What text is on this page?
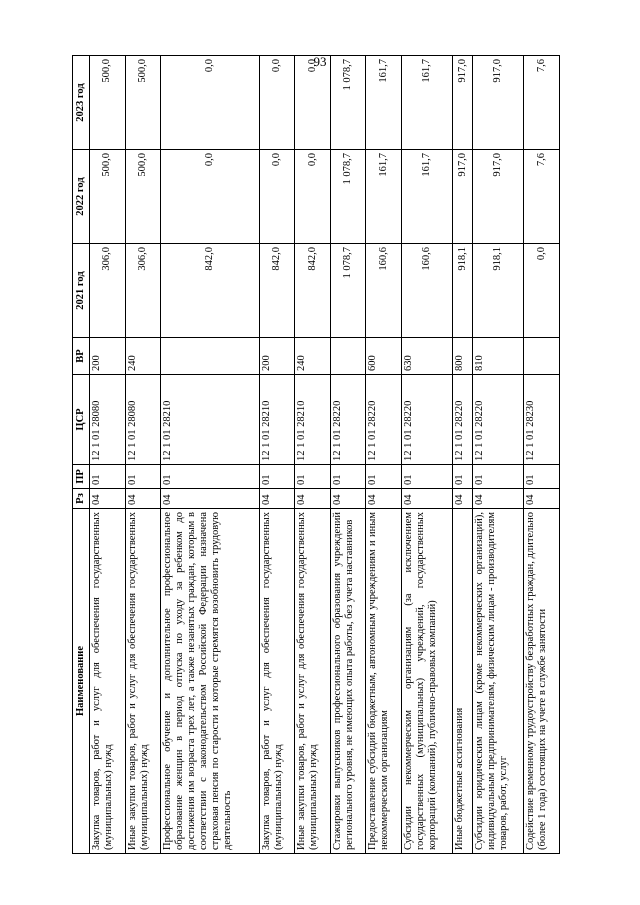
93
Наименование	Рз	ПР	ЦСР	ВР	2021 год	2022 год	2023 год
Закупка товаров, работ и услуг для обеспечения государственных (муниципальных) нужд	04	01	12 1 01 28080	200	306,0	500,0	500,0
Иные закупки товаров, работ и услуг для обеспечения государственных (муниципальных) нужд	04	01	12 1 01 28080	240	306,0	500,0	500,0
Профессиональное обучение и дополнительное профессиональное образование женщин в период отпуска по уходу за ребенком до достижения им возраста трех лет, а также незанятых граждан, которым в соответствии с законодательством Российской Федерации назначена страховая пенсия по старости и которые стремятся возобновить трудовую деятельность	04	01	12 1 01 28210		842,0	0,0	0,0
Закупка товаров, работ и услуг для обеспечения государственных (муниципальных) нужд	04	01	12 1 01 28210	200	842,0	0,0	0,0
Иные закупки товаров, работ и услуг для обеспечения государственных (муниципальных) нужд	04	01	12 1 01 28210	240	842,0	0,0	0,0
Стажировки выпускников профессионального образования учреждений регионального уровня, не имеющих опыта работы, без учета наставников	04	01	12 1 01 28220		1 078,7	1 078,7	1 078,7
Предоставление субсидий бюджетным, автономным учреждениям и иным некоммерческим организациям	04	01	12 1 01 28220	600	160,6	161,7	161,7
Субсидии некоммерческим организациям (за исключением государственных (муниципальных) учреждений, государственных корпораций (компаний), публично-правовых компаний)	04	01	12 1 01 28220	630	160,6	161,7	161,7
Иные бюджетные ассигнования	04	01	12 1 01 28220	800	918,1	917,0	917,0
Субсидии юридическим лицам (кроме некоммерческих организаций), индивидуальным предпринимателям, физическим лицам - производителям товаров, работ, услуг	04	01	12 1 01 28220	810	918,1	917,0	917,0
Содействие временному трудоустройству безработных граждан, длительно (более 1 года) состоящих на учете в службе занятости	04	01	12 1 01 28230		0,0	7,6	7,6
